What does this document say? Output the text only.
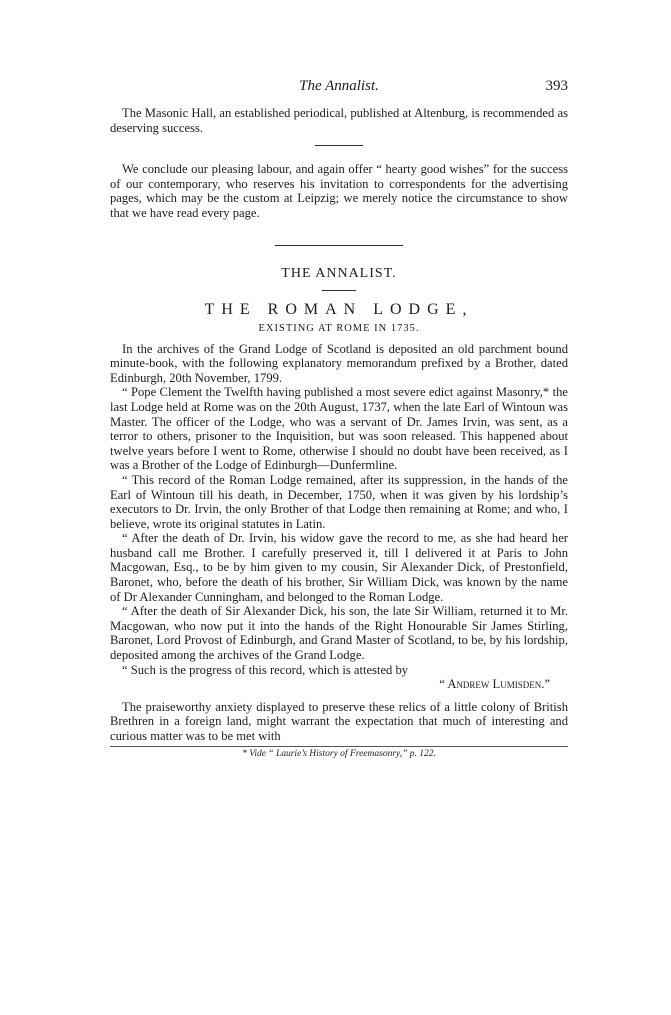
The Annalist.	393

The Masonic Hall, an established periodical, published at Altenburg, is recommended as deserving success.

We conclude our pleasing labour, and again offer “ hearty good wishes” for the success of our contemporary, who reserves his invitation to correspondents for the advertising pages, which may be the custom at Leipzig; we merely notice the circumstance to show that we have read every page.

THE ANNALIST.
THE ROMAN LODGE,
EXISTING AT ROME IN 1735.

In the archives of the Grand Lodge of Scotland is deposited an old parchment bound minute-book, with the following explanatory memorandum prefixed by a Brother, dated Edinburgh, 20th November, 1799.

“ Pope Clement the Twelfth having published a most severe edict against Masonry,* the last Lodge held at Rome was on the 20th August, 1737, when the late Earl of Wintoun was Master. The officer of the Lodge, who was a servant of Dr. James Irvin, was sent, as a terror to others, prisoner to the Inquisition, but was soon released. This happened about twelve years before I went to Rome, otherwise I should no doubt have been received, as I was a Brother of the Lodge of Edinburgh—Dunfermline.

“ This record of the Roman Lodge remained, after its suppression, in the hands of the Earl of Wintoun till his death, in December, 1750, when it was given by his lordship’s executors to Dr. Irvin, the only Brother of that Lodge then remaining at Rome; and who, I believe, wrote its original statutes in Latin.

“ After the death of Dr. Irvin, his widow gave the record to me, as she had heard her husband call me Brother. I carefully preserved it, till I delivered it at Paris to John Macgowan, Esq., to be by him given to my cousin, Sir Alexander Dick, of Prestonfield, Baronet, who, before the death of his brother, Sir William Dick, was known by the name of Dr Alexander Cunningham, and belonged to the Roman Lodge.

“ After the death of Sir Alexander Dick, his son, the late Sir William, returned it to Mr. Macgowan, who now put it into the hands of the Right Honourable Sir James Stirling, Baronet, Lord Provost of Edinburgh, and Grand Master of Scotland, to be, by his lordship, deposited among the archives of the Grand Lodge.

“ Such is the progress of this record, which is attested by

“ Andrew Lumisden.”

The praiseworthy anxiety displayed to preserve these relics of a little colony of British Brethren in a foreign land, might warrant the expectation that much of interesting and curious matter was to be met with

* Vide “ Laurie’s History of Freemasonry,” p. 122.
